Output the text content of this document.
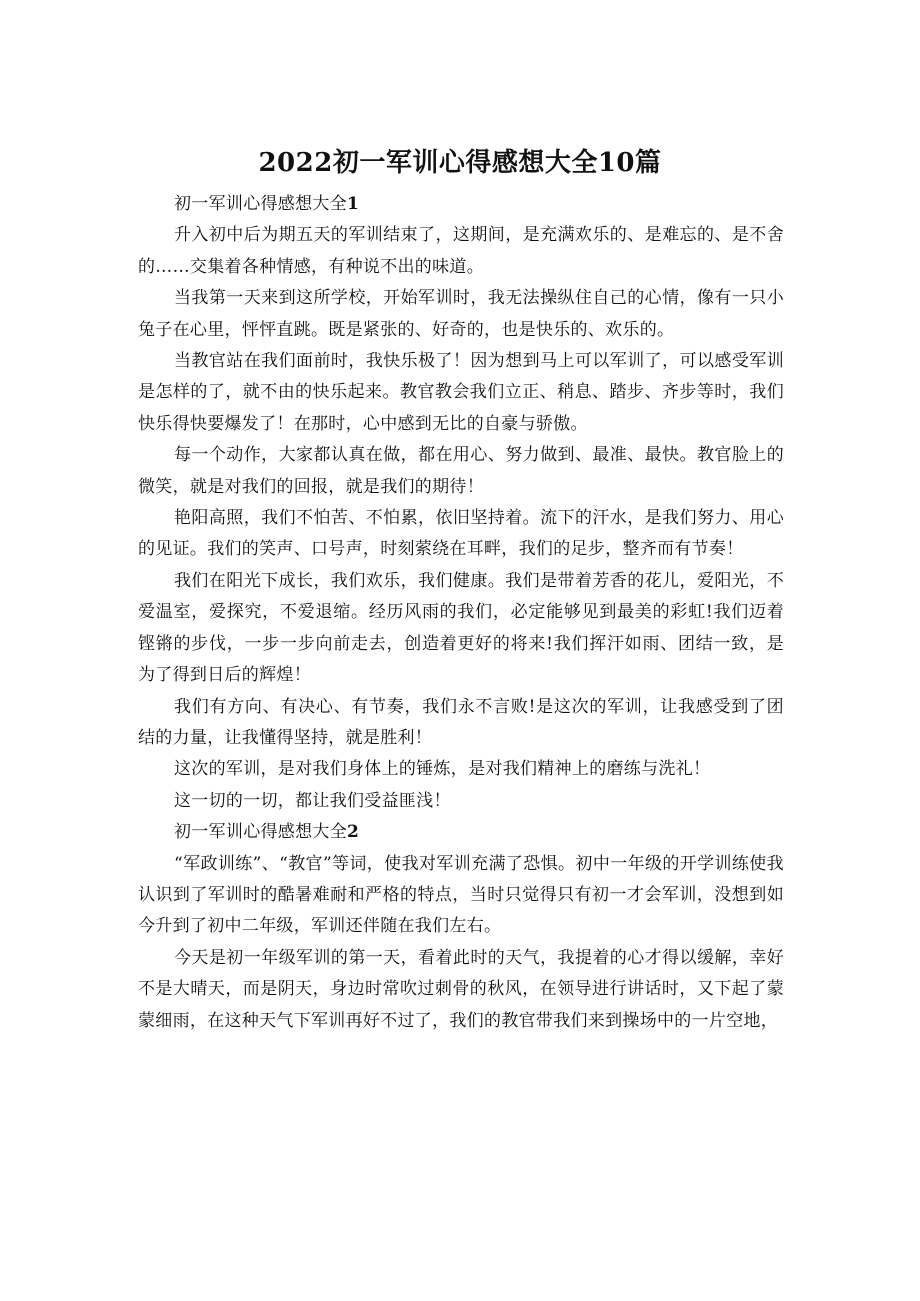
2022初一军训心得感想大全10篇

初一军训心得感想大全1

升入初中后为期五天的军训结束了，这期间，是充满欢乐的、是难忘的、是不舍的……交集着各种情感，有种说不出的味道。

当我第一天来到这所学校，开始军训时，我无法操纵住自己的心情，像有一只小兔子在心里，怦怦直跳。既是紧张的、好奇的，也是快乐的、欢乐的。

当教官站在我们面前时，我快乐极了！因为想到马上可以军训了，可以感受军训是怎样的了，就不由的快乐起来。教官教会我们立正、稍息、踏步、齐步等时，我们快乐得快要爆发了！在那时，心中感到无比的自豪与骄傲。

每一个动作，大家都认真在做，都在用心、努力做到、最准、最快。教官脸上的微笑，就是对我们的回报，就是我们的期待！

艳阳高照，我们不怕苦、不怕累，依旧坚持着。流下的汗水，是我们努力、用心的见证。我们的笑声、口号声，时刻萦绕在耳畔，我们的足步，整齐而有节奏！

我们在阳光下成长，我们欢乐，我们健康。我们是带着芳香的花儿，爱阳光，不爱温室，爱探究，不爱退缩。经历风雨的我们，必定能够见到最美的彩虹!我们迈着铿锵的步伐，一步一步向前走去，创造着更好的将来!我们挥汗如雨、团结一致，是为了得到日后的辉煌！

我们有方向、有决心、有节奏，我们永不言败!是这次的军训，让我感受到了团结的力量，让我懂得坚持，就是胜利！

这次的军训，是对我们身体上的锤炼，是对我们精神上的磨练与洗礼！

这一切的一切，都让我们受益匪浅！

初一军训心得感想大全2

“军政训练”、“教官”等词，使我对军训充满了恐惧。初中一年级的开学训练使我认识到了军训时的酷暑难耐和严格的特点，当时只觉得只有初一才会军训，没想到如今升到了初中二年级，军训还伴随在我们左右。

今天是初一年级军训的第一天，看着此时的天气，我提着的心才得以缓解，幸好不是大晴天，而是阴天，身边时常吹过刺骨的秋风，在领导进行讲话时，又下起了蒙蒙细雨，在这种天气下军训再好不过了，我们的教官带我们来到操场中的一片空地，
